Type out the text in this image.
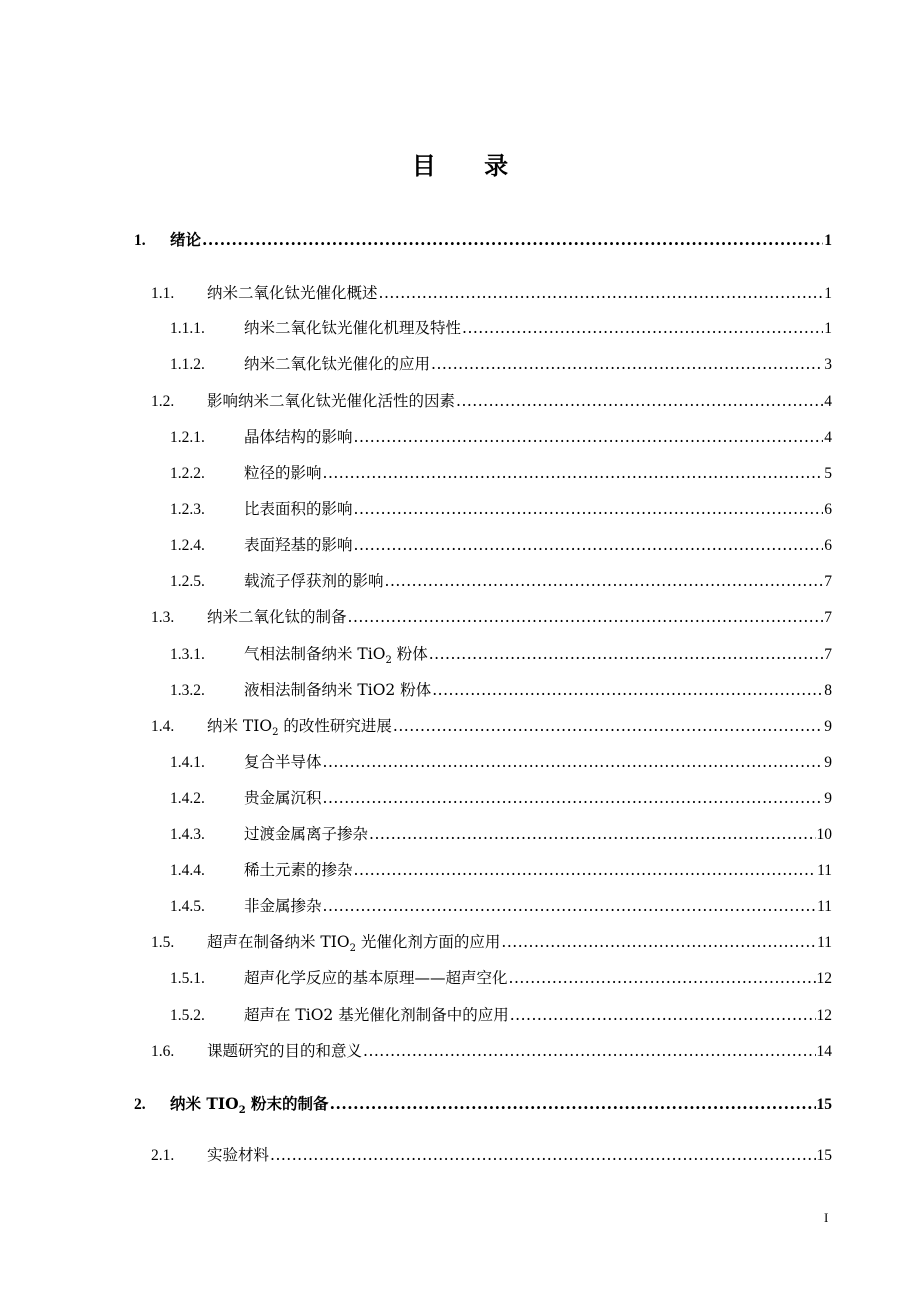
目 录
1.	绪论 .....	1
1.1.	纳米二氧化钛光催化概述 .....	1
1.1.1.	纳米二氧化钛光催化机理及特性 .....	1
1.1.2.	纳米二氧化钛光催化的应用 .....	3
1.2.	影响纳米二氧化钛光催化活性的因素 .....	4
1.2.1.	晶体结构的影响 .....	4
1.2.2.	粒径的影响 .....	5
1.2.3.	比表面积的影响 .....	6
1.2.4.	表面羟基的影响 .....	6
1.2.5.	载流子俘获剂的影响 .....	7
1.3.	纳米二氧化钛的制备 .....	7
1.3.1.	气相法制备纳米 TiO$_2$ 粉体 .....	7
1.3.2.	液相法制备纳米 TiO2 粉体 .....	8
1.4.	纳米 $TIO_2$ 的改性研究进展 .....	9
1.4.1.	复合半导体 .....	9
1.4.2.	贵金属沉积 .....	9
1.4.3.	过渡金属离子掺杂 .....	10
1.4.4.	稀土元素的掺杂 .....	11
1.4.5.	非金属掺杂 .....	11
1.5.	超声在制备纳米 $TIO_2$ 光催化剂方面的应用 .....	11
1.5.1.	超声化学反应的基本原理——超声空化 .....	12
1.5.2.	超声在 TiO2 基光催化剂制备中的应用 .....	12
1.6.	课题研究的目的和意义 .....	14
2.	纳米 $TIO_2$ 粉末的制备 .....	15
2.1.	实验材料 .....	15
I
